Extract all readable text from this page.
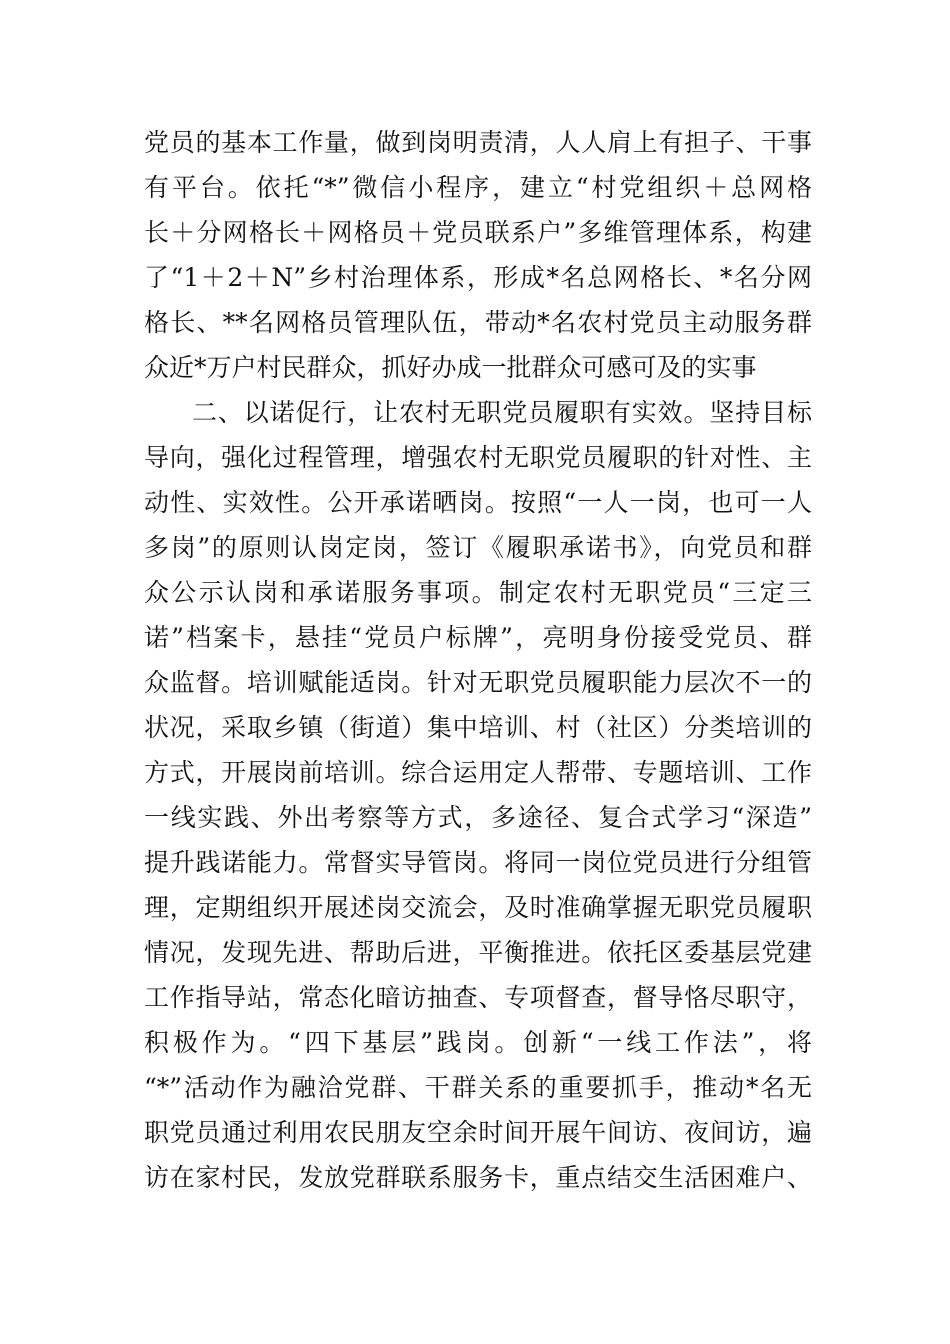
党员的基本工作量，做到岗明责清，人人肩上有担子、干事
有平台。依托“*”微信小程序，建立“村党组织＋总网格
长＋分网格长＋网格员＋党员联系户”多维管理体系，构建
了“1＋2＋N”乡村治理体系，形成*名总网格长、*名分网
格长、**名网格员管理队伍，带动*名农村党员主动服务群
众近*万户村民群众，抓好办成一批群众可感可及的实事
二、以诺促行，让农村无职党员履职有实效。坚持目标
导向，强化过程管理，增强农村无职党员履职的针对性、主
动性、实效性。公开承诺晒岗。按照“一人一岗，也可一人
多岗”的原则认岗定岗，签订《履职承诺书》，向党员和群
众公示认岗和承诺服务事项。制定农村无职党员“三定三
诺”档案卡，悬挂“党员户标牌”，亮明身份接受党员、群
众监督。培训赋能适岗。针对无职党员履职能力层次不一的
状况，采取乡镇（街道）集中培训、村（社区）分类培训的
方式，开展岗前培训。综合运用定人帮带、专题培训、工作
一线实践、外出考察等方式，多途径、复合式学习“深造”
提升践诺能力。常督实导管岗。将同一岗位党员进行分组管
理，定期组织开展述岗交流会，及时准确掌握无职党员履职
情况，发现先进、帮助后进，平衡推进。依托区委基层党建
工作指导站，常态化暗访抽查、专项督查，督导恪尽职守，
积极作为。“四下基层”践岗。创新“一线工作法”，将
“*”活动作为融洽党群、干群关系的重要抓手，推动*名无
职党员通过利用农民朋友空余时间开展午间访、夜间访，遍
访在家村民，发放党群联系服务卡，重点结交生活困难户、
